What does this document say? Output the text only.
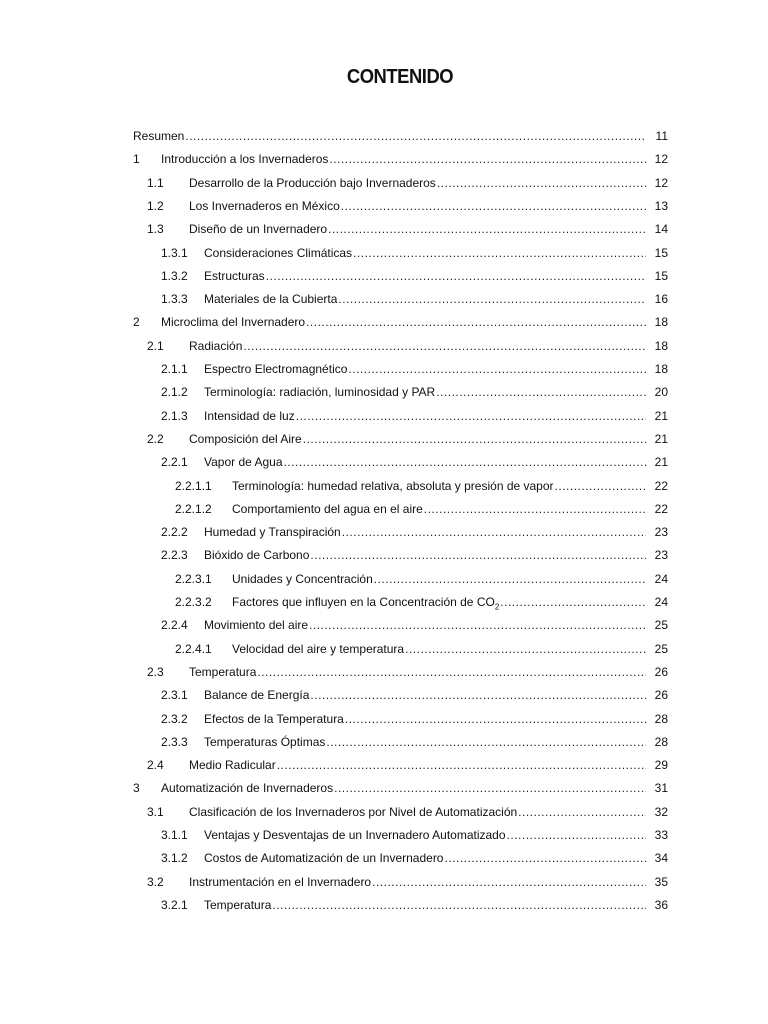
CONTENIDO
Resumen .....	11
1 Introducción a los Invernaderos .....	12
1.1 Desarrollo de la Producción bajo Invernaderos .....	12
1.2 Los Invernaderos en México .....	13
1.3 Diseño de un Invernadero .....	14
1.3.1 Consideraciones Climáticas .....	15
1.3.2 Estructuras .....	15
1.3.3 Materiales de la Cubierta .....	16
2 Microclima del Invernadero .....	18
2.1 Radiación .....	18
2.1.1 Espectro Electromagnético .....	18
2.1.2 Terminología: radiación, luminosidad y PAR .....	20
2.1.3 Intensidad de luz .....	21
2.2 Composición del Aire .....	21
2.2.1 Vapor de Agua .....	21
2.2.1.1 Terminología: humedad relativa, absoluta y presión de vapor .....	22
2.2.1.2 Comportamiento del agua en el aire .....	22
2.2.2 Humedad y Transpiración .....	23
2.2.3 Bióxido de Carbono .....	23
2.2.3.1 Unidades y Concentración .....	24
2.2.3.2 Factores que influyen en la Concentración de $CO_2$ .....	24
2.2.4 Movimiento del aire .....	25
2.2.4.1 Velocidad del aire y temperatura .....	25
2.3 Temperatura .....	26
2.3.1 Balance de Energía .....	26
2.3.2 Efectos de la Temperatura .....	28
2.3.3 Temperaturas Óptimas .....	28
2.4 Medio Radicular .....	29
3 Automatización de Invernaderos .....	31
3.1 Clasificación de los Invernaderos por Nivel de Automatización .....	32
3.1.1 Ventajas y Desventajas de un Invernadero Automatizado .....	33
3.1.2 Costos de Automatización de un Invernadero .....	34
3.2 Instrumentación en el Invernadero .....	35
3.2.1 Temperatura .....	36
